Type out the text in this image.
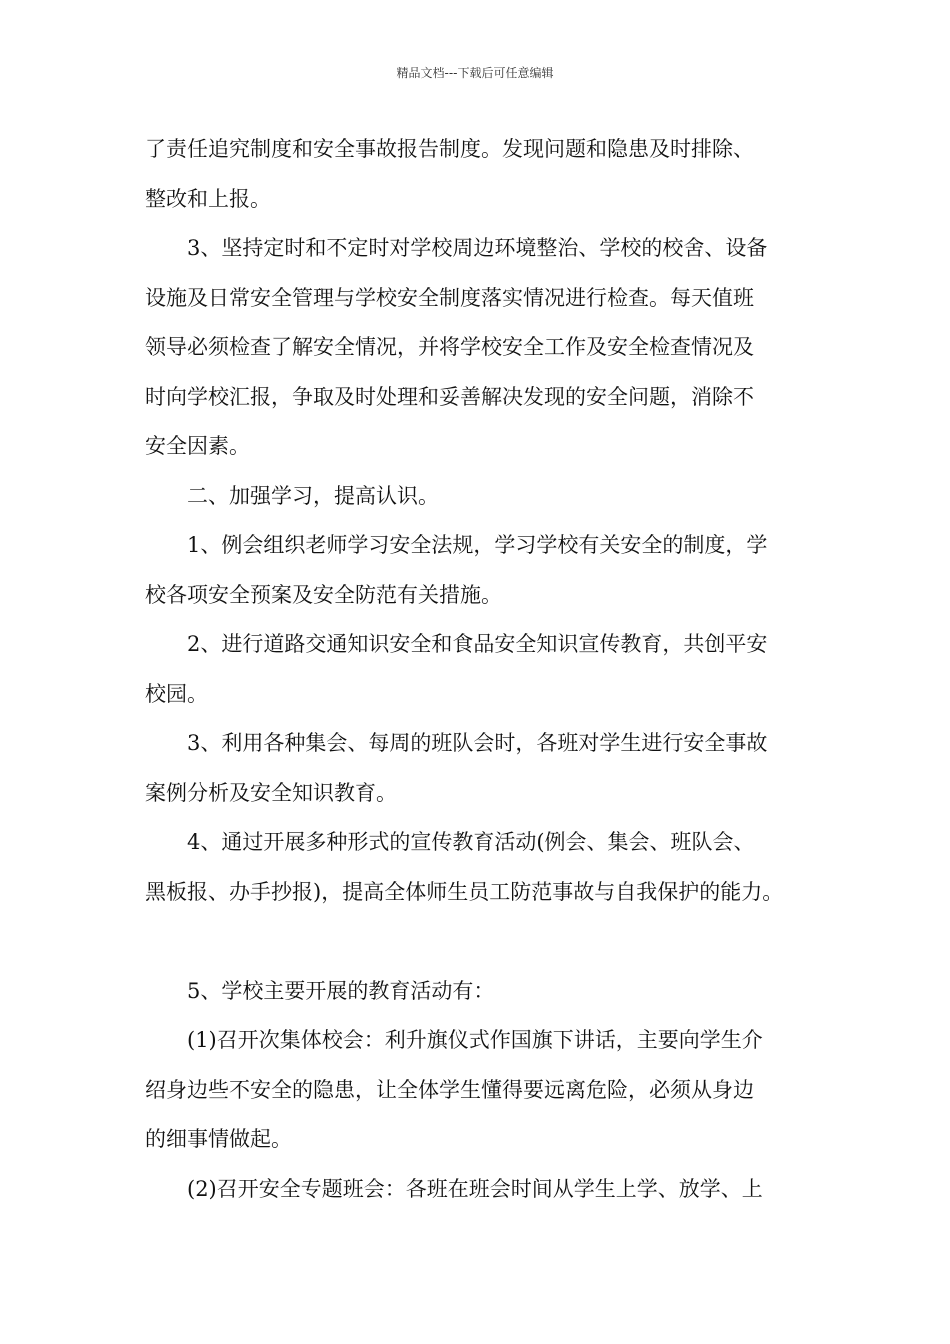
精品文档---下载后可任意编辑
了责任追究制度和安全事故报告制度。发现问题和隐患及时排除、
整改和上报。
3、坚持定时和不定时对学校周边环境整治、学校的校舍、设备
设施及日常安全管理与学校安全制度落实情况进行检查。每天值班
领导必须检查了解安全情况，并将学校安全工作及安全检查情况及
时向学校汇报，争取及时处理和妥善解决发现的安全问题，消除不
安全因素。
二、加强学习，提高认识。
1、例会组织老师学习安全法规，学习学校有关安全的制度，学
校各项安全预案及安全防范有关措施。
2、进行道路交通知识安全和食品安全知识宣传教育，共创平安
校园。
3、利用各种集会、每周的班队会时，各班对学生进行安全事故
案例分析及安全知识教育。
4、通过开展多种形式的宣传教育活动(例会、集会、班队会、
黑板报、办手抄报)，提高全体师生员工防范事故与自我保护的能力。
5、学校主要开展的教育活动有：
(1)召开次集体校会：利升旗仪式作国旗下讲话，主要向学生介
绍身边些不安全的隐患，让全体学生懂得要远离危险，必须从身边
的细事情做起。
(2)召开安全专题班会：各班在班会时间从学生上学、放学、上
